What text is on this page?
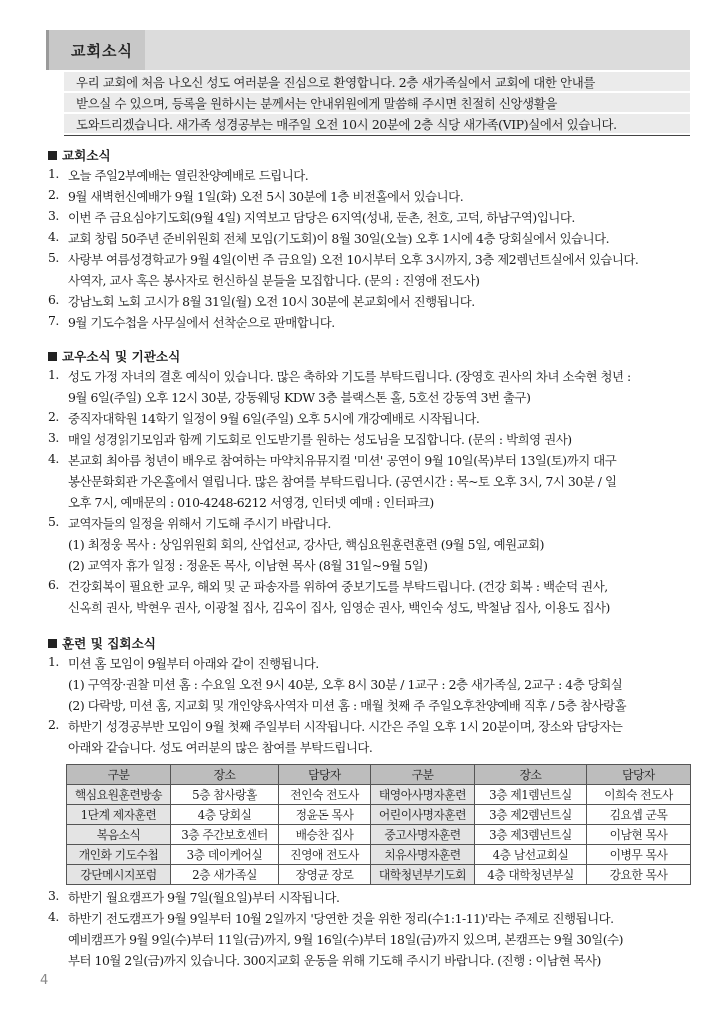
교회소식
우리 교회에 처음 나오신 성도 여러분을 진심으로 환영합니다. 2층 새가족실에서 교회에 대한 안내를
받으실 수 있으며, 등록을 원하시는 분께서는 안내위원에게 말씀해 주시면 친절히 신앙생활을
도와드리겠습니다. 새가족 성경공부는 매주일 오전 10시 20분에 2층 식당 새가족(VIP)실에서 있습니다.
교회소식
1. 오늘 주일2부예배는 열린찬양예배로 드립니다.
2. 9월 새벽헌신예배가 9월 1일(화) 오전 5시 30분에 1층 비전홀에서 있습니다.
3. 이번 주 금요심야기도회(9월 4일) 지역보고 담당은 6지역(성내, 둔촌, 천호, 고덕, 하남구역)입니다.
4. 교회 창립 50주년 준비위원회 전체 모임(기도회)이 8월 30일(오늘) 오후 1시에 4층 당회실에서 있습니다.
5. 사랑부 여름성경학교가 9월 4일(이번 주 금요일) 오전 10시부터 오후 3시까지, 3층 제2렘넌트실에서 있습니다.
사역자, 교사 혹은 봉사자로 헌신하실 분들을 모집합니다. (문의 : 진영애 전도사)
6. 강남노회 노회 고시가 8월 31일(월) 오전 10시 30분에 본교회에서 진행됩니다.
7. 9월 기도수첩을 사무실에서 선착순으로 판매합니다.
교우소식 및 기관소식
1. 성도 가정 자녀의 결혼 예식이 있습니다. 많은 축하와 기도를 부탁드립니다. (장영호 권사의 차녀 소숙현 청년 :
9월 6일(주일) 오후 12시 30분, 강동웨딩 KDW 3층 블랙스톤 홀, 5호선 강동역 3번 출구)
2. 중직자대학원 14학기 일정이 9월 6일(주일) 오후 5시에 개강예배로 시작됩니다.
3. 매일 성경읽기모임과 함께 기도회로 인도받기를 원하는 성도님을 모집합니다. (문의 : 박희영 권사)
4. 본교회 최아름 청년이 배우로 참여하는 마약치유뮤지컬 '미션' 공연이 9월 10일(목)부터 13일(토)까지 대구
봉산문화회관 가온홀에서 열립니다. 많은 참여를 부탁드립니다. (공연시간 : 목~토 오후 3시, 7시 30분 / 일
오후 7시, 예매문의 : 010-4248-6212 서영경, 인터넷 예매 : 인터파크)
5. 교역자들의 일정을 위해서 기도해 주시기 바랍니다.
(1) 최정웅 목사 : 상임위원회 회의, 산업선교, 강사단, 핵심요원훈련훈련 (9월 5일, 예원교회)
(2) 교역자 휴가 일정 : 정윤돈 목사, 이남현 목사 (8월 31일~9월 5일)
6. 건강회복이 필요한 교우, 해외 및 군 파송자를 위하여 중보기도를 부탁드립니다. (건강 회복 : 백순덕 권사,
신옥희 권사, 박현우 권사, 이광철 집사, 김옥이 집사, 임영순 권사, 백인숙 성도, 박철남 집사, 이용도 집사)
훈련 및 집회소식
1. 미션 홈 모임이 9월부터 아래와 같이 진행됩니다.
(1) 구역장·권찰 미션 홈 : 수요일 오전 9시 40분, 오후 8시 30분 / 1교구 : 2층 새가족실, 2교구 : 4층 당회실
(2) 다락방, 미션 홈, 지교회 및 개인양육사역자 미션 홈 : 매월 첫째 주 주일오후찬양예배 직후 / 5층 참사랑홀
2. 하반기 성경공부반 모임이 9월 첫째 주일부터 시작됩니다. 시간은 주일 오후 1시 20분이며, 장소와 담당자는
아래와 같습니다. 성도 여러분의 많은 참여를 부탁드립니다.
구분	장소	담당자	구분	장소	담당자
핵심요원훈련방송	5층 참사랑홀	전인숙 전도사	태영아사명자훈련	3층 제1렘넌트실	이희숙 전도사
1단계 제자훈련	4층 당회실	정윤돈 목사	어린이사명자훈련	3층 제2렘넌트실	김요셉 군목
복음소식	3층 주간보호센터	배승찬 집사	중고사명자훈련	3층 제3렘넌트실	이남현 목사
개인화 기도수첩	3층 데이케어실	진영애 전도사	치유사명자훈련	4층 남선교회실	이병무 목사
강단메시지포럼	2층 새가족실	장영균 장로	대학청년부기도회	4층 대학청년부실	강요한 목사
3. 하반기 월요캠프가 9월 7일(월요일)부터 시작됩니다.
4. 하반기 전도캠프가 9월 9일부터 10월 2일까지 '당연한 것을 위한 정리(수1:1-11)'라는 주제로 진행됩니다.
예비캠프가 9월 9일(수)부터 11일(금)까지, 9월 16일(수)부터 18일(금)까지 있으며, 본캠프는 9월 30일(수)
부터 10월 2일(금)까지 있습니다. 300지교회 운동을 위해 기도해 주시기 바랍니다. (진행 : 이남현 목사)
4
